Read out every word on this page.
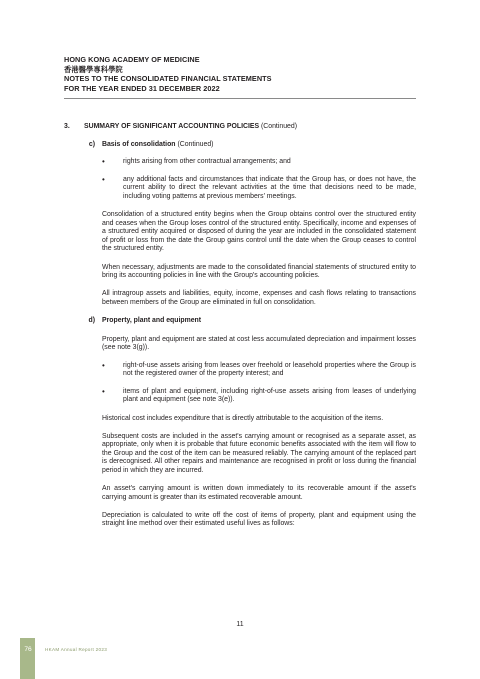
HONG KONG ACADEMY OF MEDICINE
香港醫學專科學院
NOTES TO THE CONSOLIDATED FINANCIAL STATEMENTS
FOR THE YEAR ENDED 31 DECEMBER 2022
3.	SUMMARY OF SIGNIFICANT ACCOUNTING POLICIES (Continued)
c)	Basis of consolidation (Continued)
•	rights arising from other contractual arrangements; and
•	any additional facts and circumstances that indicate that the Group has, or does not have, the current ability to direct the relevant activities at the time that decisions need to be made, including voting patterns at previous members' meetings.

Consolidation of a structured entity begins when the Group obtains control over the structured entity and ceases when the Group loses control of the structured entity. Specifically, income and expenses of a structured entity acquired or disposed of during the year are included in the consolidated statement of profit or loss from the date the Group gains control until the date when the Group ceases to control the structured entity.

When necessary, adjustments are made to the consolidated financial statements of structured entity to bring its accounting policies in line with the Group's accounting policies.

All intragroup assets and liabilities, equity, income, expenses and cash flows relating to transactions between members of the Group are eliminated in full on consolidation.

d)	Property, plant and equipment

Property, plant and equipment are stated at cost less accumulated depreciation and impairment losses (see note 3(g)).

•	right-of-use assets arising from leases over freehold or leasehold properties where the Group is not the registered owner of the property interest; and
•	items of plant and equipment, including right-of-use assets arising from leases of underlying plant and equipment (see note 3(e)).

Historical cost includes expenditure that is directly attributable to the acquisition of the items.

Subsequent costs are included in the asset's carrying amount or recognised as a separate asset, as appropriate, only when it is probable that future economic benefits associated with the item will flow to the Group and the cost of the item can be measured reliably. The carrying amount of the replaced part is derecognised. All other repairs and maintenance are recognised in profit or loss during the financial period in which they are incurred.

An asset's carrying amount is written down immediately to its recoverable amount if the asset's carrying amount is greater than its estimated recoverable amount.

Depreciation is calculated to write off the cost of items of property, plant and equipment using the straight line method over their estimated useful lives as follows:

11
76	HKAM Annual Report 2023
